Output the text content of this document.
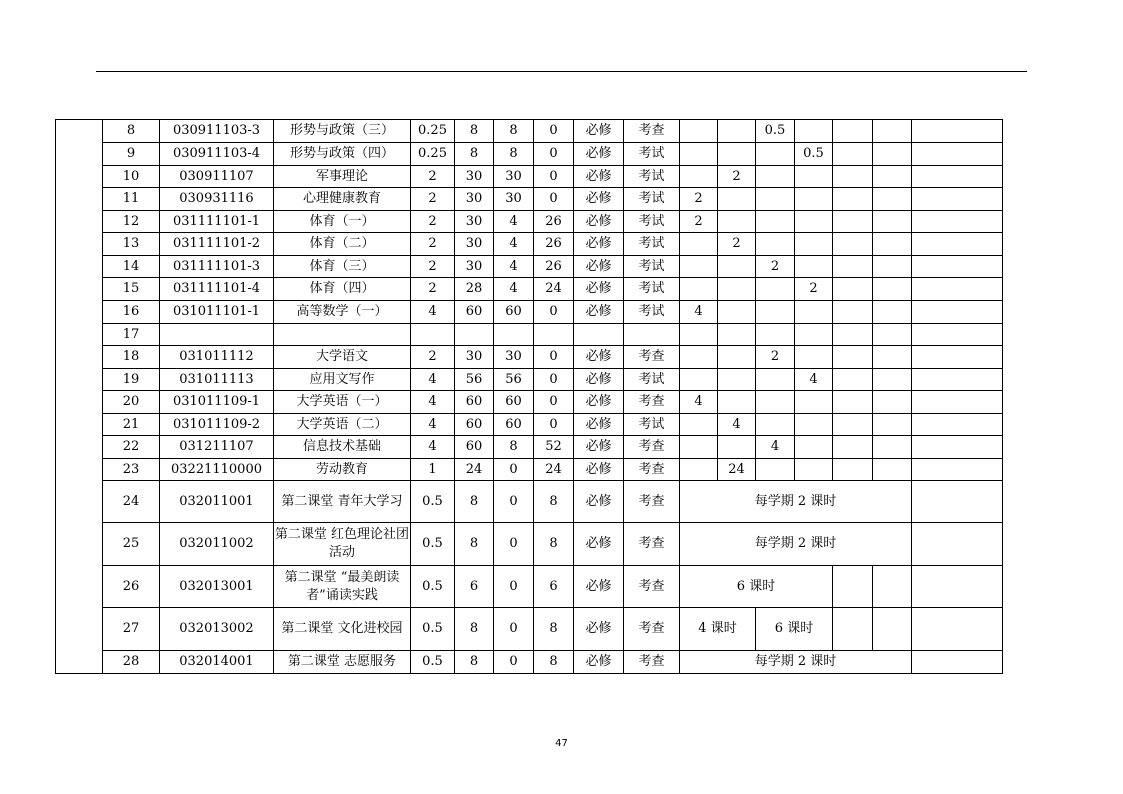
	8	030911103-3	形势与政策（三）	0.25	8	8	0	必修	考查			0.5				
	9	030911103-4	形势与政策（四）	0.25	8	8	0	必修	考试				0.5			
	10	030911107	军事理论	2	30	30	0	必修	考试		2					
	11	030931116	心理健康教育	2	30	30	0	必修	考试	2						
	12	031111101-1	体育（一）	2	30	4	26	必修	考试	2						
	13	031111101-2	体育（二）	2	30	4	26	必修	考试		2					
	14	031111101-3	体育（三）	2	30	4	26	必修	考试			2				
	15	031111101-4	体育（四）	2	28	4	24	必修	考试				2			
	16	031011101-1	高等数学（一）	4	60	60	0	必修	考试	4						
	17															
	18	031011112	大学语文	2	30	30	0	必修	考查			2				
	19	031011113	应用文写作	4	56	56	0	必修	考试				4			
	20	031011109-1	大学英语（一）	4	60	60	0	必修	考查	4						
	21	031011109-2	大学英语（二）	4	60	60	0	必修	考试		4					
	22	031211107	信息技术基础	4	60	8	52	必修	考查			4				
	23	03221110000	劳动教育	1	24	0	24	必修	考查		24					
	24	032011001	第二课堂 青年大学习	0.5	8	0	8	必修	考查	每学期 2 课时						
	25	032011002	第二课堂 红色理论社团活动	0.5	8	0	8	必修	考查	每学期 2 课时						
	26	032013001	第二课堂 “最美朗读者”诵读实践	0.5	6	0	6	必修	考查	6 课时						
	27	032013002	第二课堂 文化进校园	0.5	8	0	8	必修	考查	4 课时		6 课时				
	28	032014001	第二课堂 志愿服务	0.5	8	0	8	必修	考查	每学期 2 课时						
47
